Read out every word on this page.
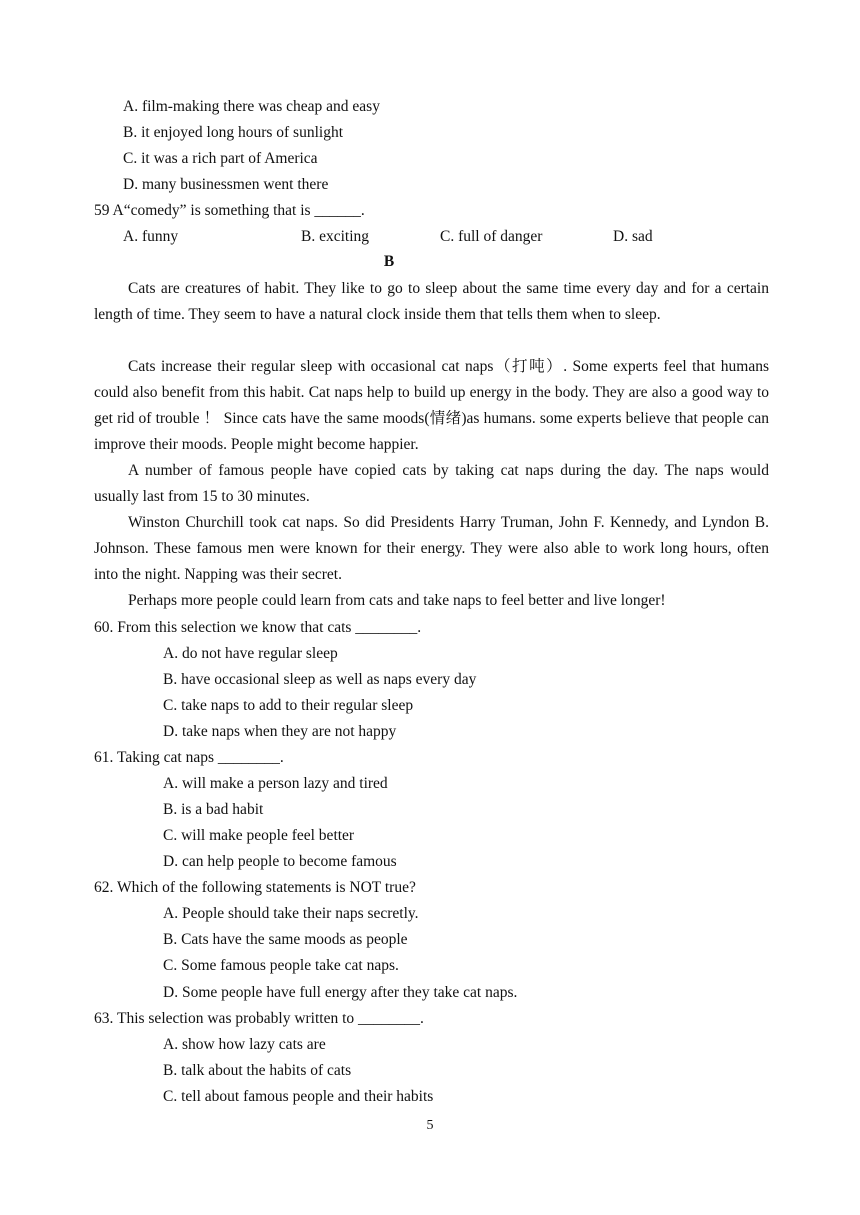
A. film-making there was cheap and easy
B. it enjoyed long hours of sunlight
C. it was a rich part of America
D. many businessmen went there
59 A“comedy” is something that is ______.
A. funny	B. exciting	C. full of danger	D. sad
B
Cats are creatures of habit. They like to go to sleep about the same time every day and for a certain length of time. They seem to have a natural clock inside them that tells them when to sleep.
Cats increase their regular sleep with occasional cat naps（打吨）. Some experts feel that humans could also benefit from this habit. Cat naps help to build up energy in the body. They are also a good way to get rid of trouble ！ Since cats have the same moods(情绪)as humans. some experts believe that people can improve their moods. People might become happier.
A number of famous people have copied cats by taking cat naps during the day. The naps would usually last from 15 to 30 minutes.
Winston Churchill took cat naps. So did Presidents Harry Truman, John F. Kennedy, and Lyndon B. Johnson. These famous men were known for their energy. They were also able to work long hours, often into the night. Napping was their secret.
Perhaps more people could learn from cats and take naps to feel better and live longer!
60. From this selection we know that cats ________.
A. do not have regular sleep
B. have occasional sleep as well as naps every day
C. take naps to add to their regular sleep
D. take naps when they are not happy
61. Taking cat naps ________.
A. will make a person lazy and tired
B. is a bad habit
C. will make people feel better
D. can help people to become famous
62. Which of the following statements is NOT true?
A. People should take their naps secretly.
B. Cats have the same moods as people
C. Some famous people take cat naps.
D. Some people have full energy after they take cat naps.
63. This selection was probably written to ________.
A. show how lazy cats are
B. talk about the habits of cats
C. tell about famous people and their habits
5
